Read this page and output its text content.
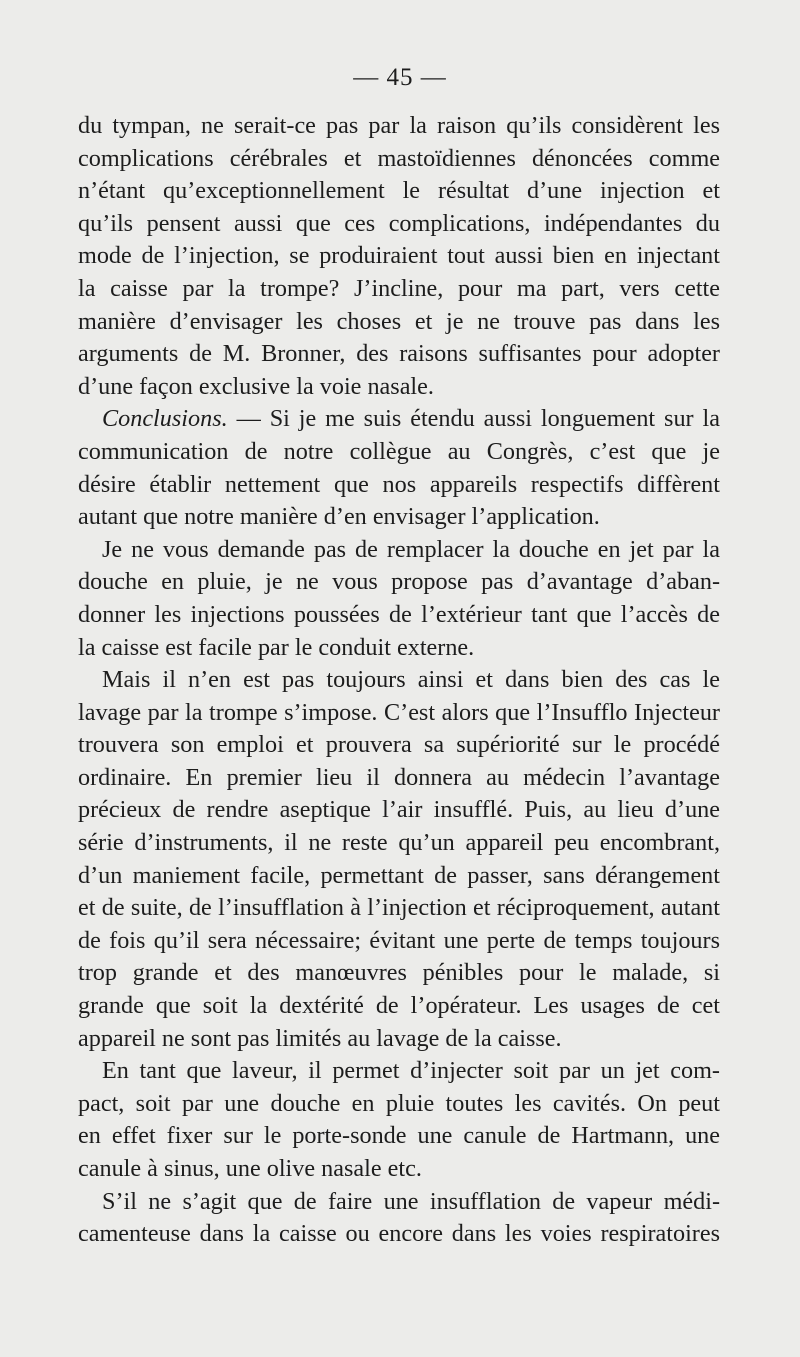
— 45 —
du tympan, ne serait-ce pas par la raison qu’ils considèrent les
complications cérébrales et mastoïdiennes dénoncées comme
n’étant qu’exceptionnellement le résultat d’une injection et
qu’ils pensent aussi que ces complications, indépendantes du
mode de l’injection, se produiraient tout aussi bien en injectant
la caisse par la trompe? J’incline, pour ma part, vers cette
manière d’envisager les choses et je ne trouve pas dans les
arguments de M. Bronner, des raisons suffisantes pour adopter
d’une façon exclusive la voie nasale.
Conclusions. — Si je me suis étendu aussi longuement sur la
communication de notre collègue au Congrès, c’est que je
désire établir nettement que nos appareils respectifs diffèrent
autant que notre manière d’en envisager l’application.
Je ne vous demande pas de remplacer la douche en jet par la
douche en pluie, je ne vous propose pas d’avantage d’aban-
donner les injections poussées de l’extérieur tant que l’accès de
la caisse est facile par le conduit externe.
Mais il n’en est pas toujours ainsi et dans bien des cas le
lavage par la trompe s’impose. C’est alors que l’Insufflo Injecteur
trouvera son emploi et prouvera sa supériorité sur le procédé
ordinaire. En premier lieu il donnera au médecin l’avantage
précieux de rendre aseptique l’air insufflé. Puis, au lieu d’une
série d’instruments, il ne reste qu’un appareil peu encombrant,
d’un maniement facile, permettant de passer, sans dérangement
et de suite, de l’insufflation à l’injection et réciproquement, autant
de fois qu’il sera nécessaire; évitant une perte de temps toujours
trop grande et des manœuvres pénibles pour le malade, si
grande que soit la dextérité de l’opérateur. Les usages de cet
appareil ne sont pas limités au lavage de la caisse.
En tant que laveur, il permet d’injecter soit par un jet com-
pact, soit par une douche en pluie toutes les cavités. On peut
en effet fixer sur le porte-sonde une canule de Hartmann, une
canule à sinus, une olive nasale etc.
S’il ne s’agit que de faire une insufflation de vapeur médi-
camenteuse dans la caisse ou encore dans les voies respiratoires
